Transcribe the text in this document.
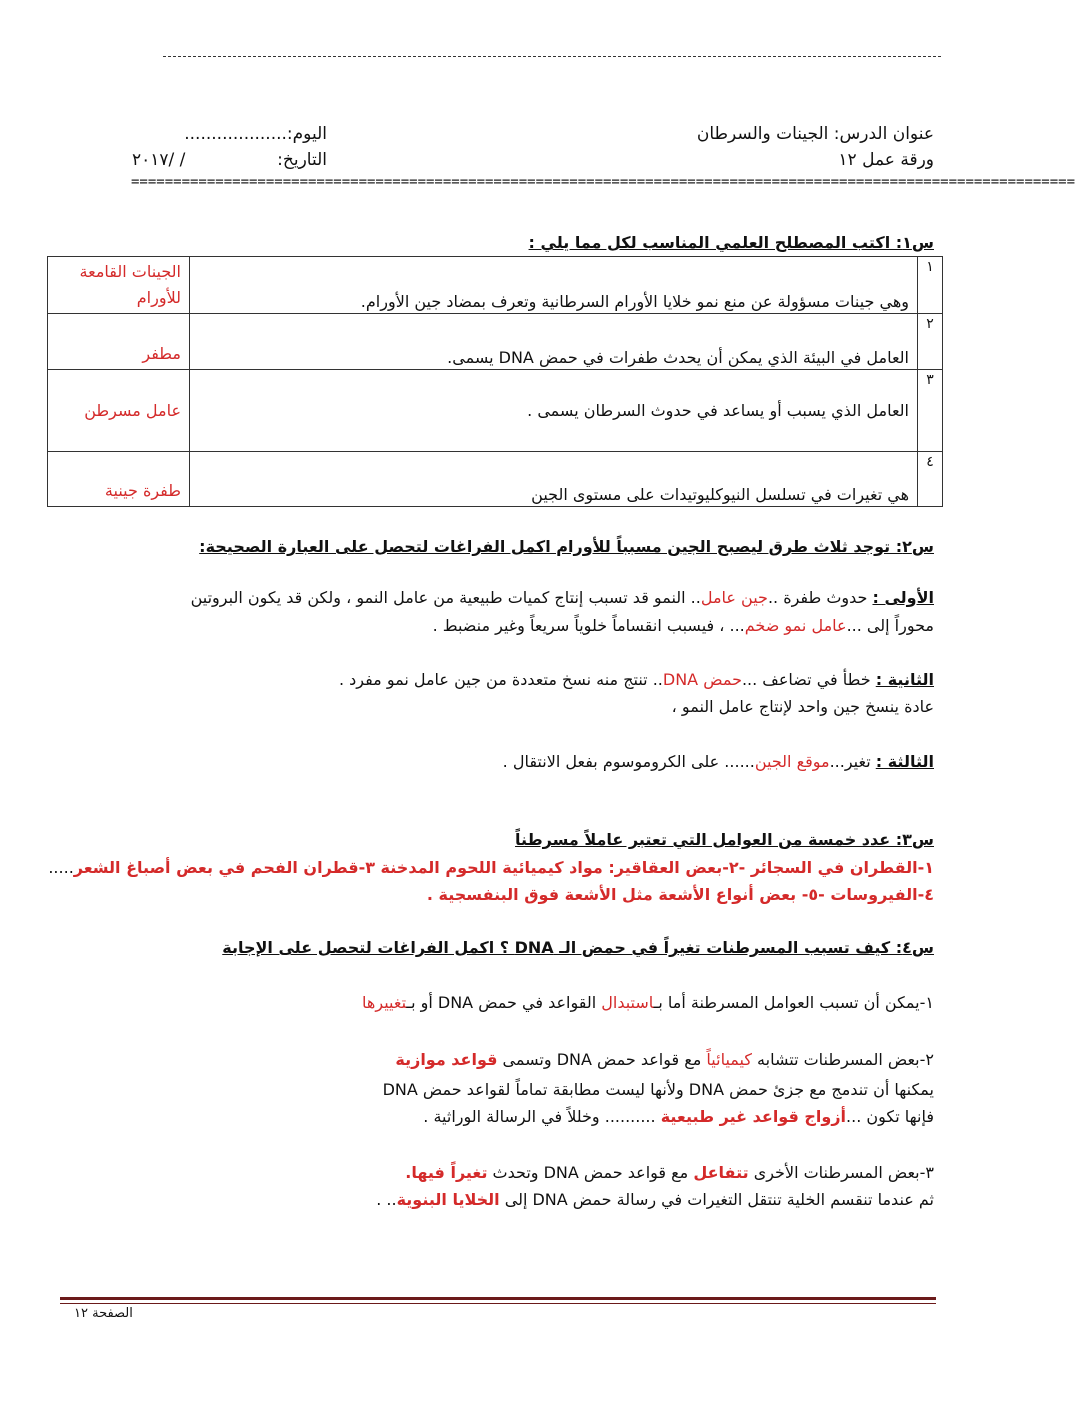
عنوان الدرس: الجينات والسرطان
ورقة عمل ١٢
اليوم:...................
التاريخ:
٢٠١٧/ /
================================================================================================================
س١: اكتب المصطلح العلمي المناسب لكل مما يلي :
١	وهي جينات مسؤولة عن منع نمو خلايا الأورام السرطانية وتعرف بمضاد جين الأورام.	الجينات القامعة
للأورام
٢	العامل في البيئة الذي يمكن أن يحدث طفرات في حمض DNA يسمى.	مطفر
٣	العامل الذي يسبب أو يساعد في حدوث السرطان يسمى .	عامل مسرطن
٤	هي تغيرات في تسلسل النيوكليوتيدات على مستوى الجين	طفرة جينية
س٢: توجد ثلاث طرق ليصبح الجين مسبباً للأورام اكمل الفراغات لتحصل على العبارة الصحيحة:
الأولى : حدوث طفرة ..جين عامل.. النمو قد تسبب إنتاج كميات طبيعية من عامل النمو ، ولكن قد يكون البروتين
محوراً إلى ...عامل نمو ضخم... ، فيسبب انقساماً خلوياً سريعاً وغير منضبط .
الثانية : خطأ في تضاعف ...حمض DNA.. تنتج منه نسخ متعددة من جين عامل نمو مفرد .
عادة ينسخ جين واحد لإنتاج عامل النمو ،
الثالثة : تغير...موقع الجين...... على الكروموسوم بفعل الانتقال .
س٣: عدد خمسة من العوامل التي تعتبر عاملاً مسرطناً
١-القطران في السجائر -٢-بعض العقاقير: مواد كيميائية اللحوم المدخنة ٣-قطران الفحم في بعض أصباغ الشعر.....
٤-الفيروسات -٥- بعض أنواع الأشعة مثل الأشعة فوق البنفسجية .
س٤: كيف تسبب المسرطنات تغيراً في حمض الـ DNA ؟ اكمل الفراغات لتحصل على الإجابة
١-يمكن أن تسبب العوامل المسرطنة أما بـاستبدال القواعد في حمض DNA أو بـتغييرها
٢-بعض المسرطنات تتشابه كيميائياً مع قواعد حمض DNA وتسمى قواعد موازية
يمكنها أن تندمج مع جزئ حمض DNA ولأنها ليست مطابقة تماماً لقواعد حمض DNA
فإنها تكون ...أزواج قواعد غير طبيعية .......... وخللاً في الرسالة الوراثية .
٣-بعض المسرطنات الأخرى تتفاعل مع قواعد حمض DNA وتحدث تغيراً فيها.
ثم عندما تنقسم الخلية تنتقل التغيرات في رسالة حمض DNA إلى الخلايا البنوية.. .
الصفحة ١٢
